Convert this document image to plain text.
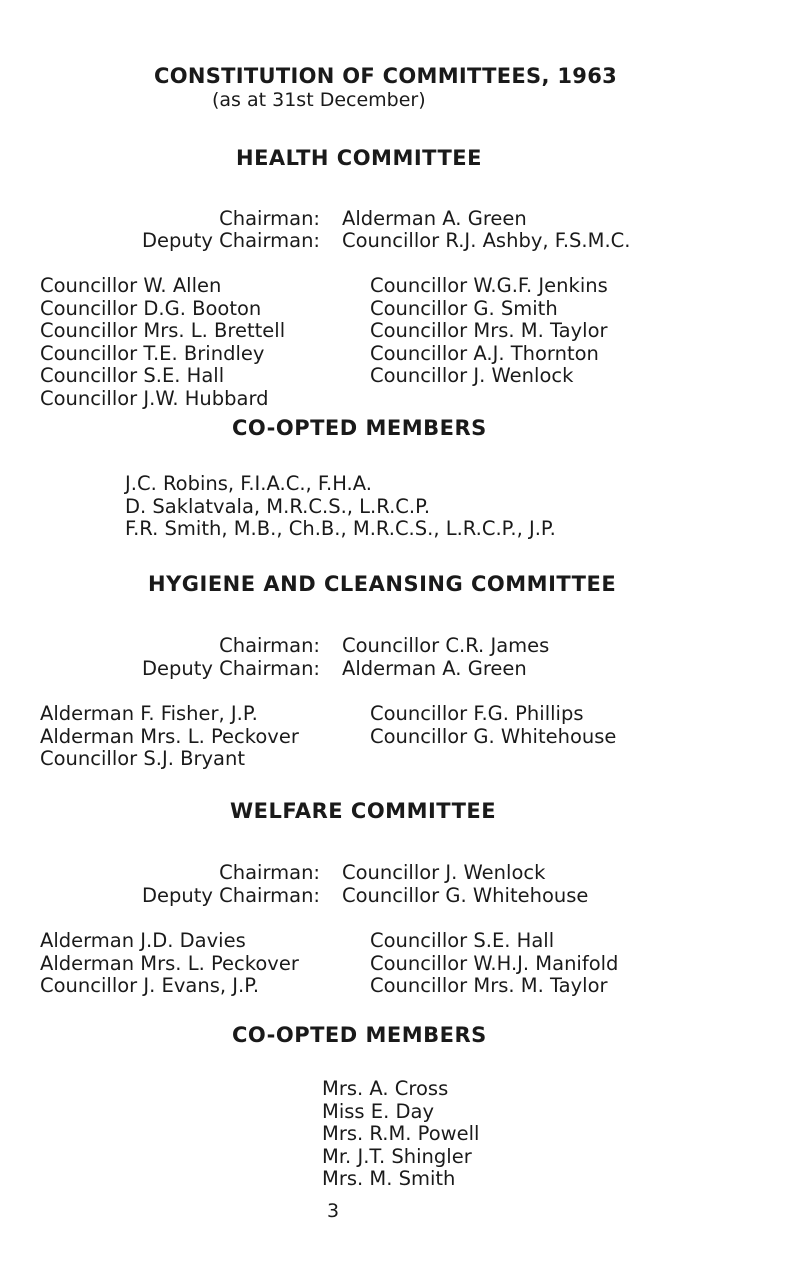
CONSTITUTION OF COMMITTEES, 1963
(as at 31st December)
HEALTH COMMITTEE
Chairman: Alderman A. Green
Deputy Chairman: Councillor R.J. Ashby, F.S.M.C.
Councillor W. Allen
Councillor D.G. Booton
Councillor Mrs. L. Brettell
Councillor T.E. Brindley
Councillor S.E. Hall
Councillor J.W. Hubbard
Councillor W.G.F. Jenkins
Councillor G. Smith
Councillor Mrs. M. Taylor
Councillor A.J. Thornton
Councillor J. Wenlock
CO-OPTED MEMBERS
J.C. Robins, F.I.A.C., F.H.A.
D. Saklatvala, M.R.C.S., L.R.C.P.
F.R. Smith, M.B., Ch.B., M.R.C.S., L.R.C.P., J.P.
HYGIENE AND CLEANSING COMMITTEE
Chairman: Councillor C.R. James
Deputy Chairman: Alderman A. Green
Alderman F. Fisher, J.P.
Alderman Mrs. L. Peckover
Councillor S.J. Bryant
Councillor F.G. Phillips
Councillor G. Whitehouse
WELFARE COMMITTEE
Chairman: Councillor J. Wenlock
Deputy Chairman: Councillor G. Whitehouse
Alderman J.D. Davies
Alderman Mrs. L. Peckover
Councillor J. Evans, J.P.
Councillor S.E. Hall
Councillor W.H.J. Manifold
Councillor Mrs. M. Taylor
CO-OPTED MEMBERS
Mrs. A. Cross
Miss E. Day
Mrs. R.M. Powell
Mr. J.T. Shingler
Mrs. M. Smith
3
